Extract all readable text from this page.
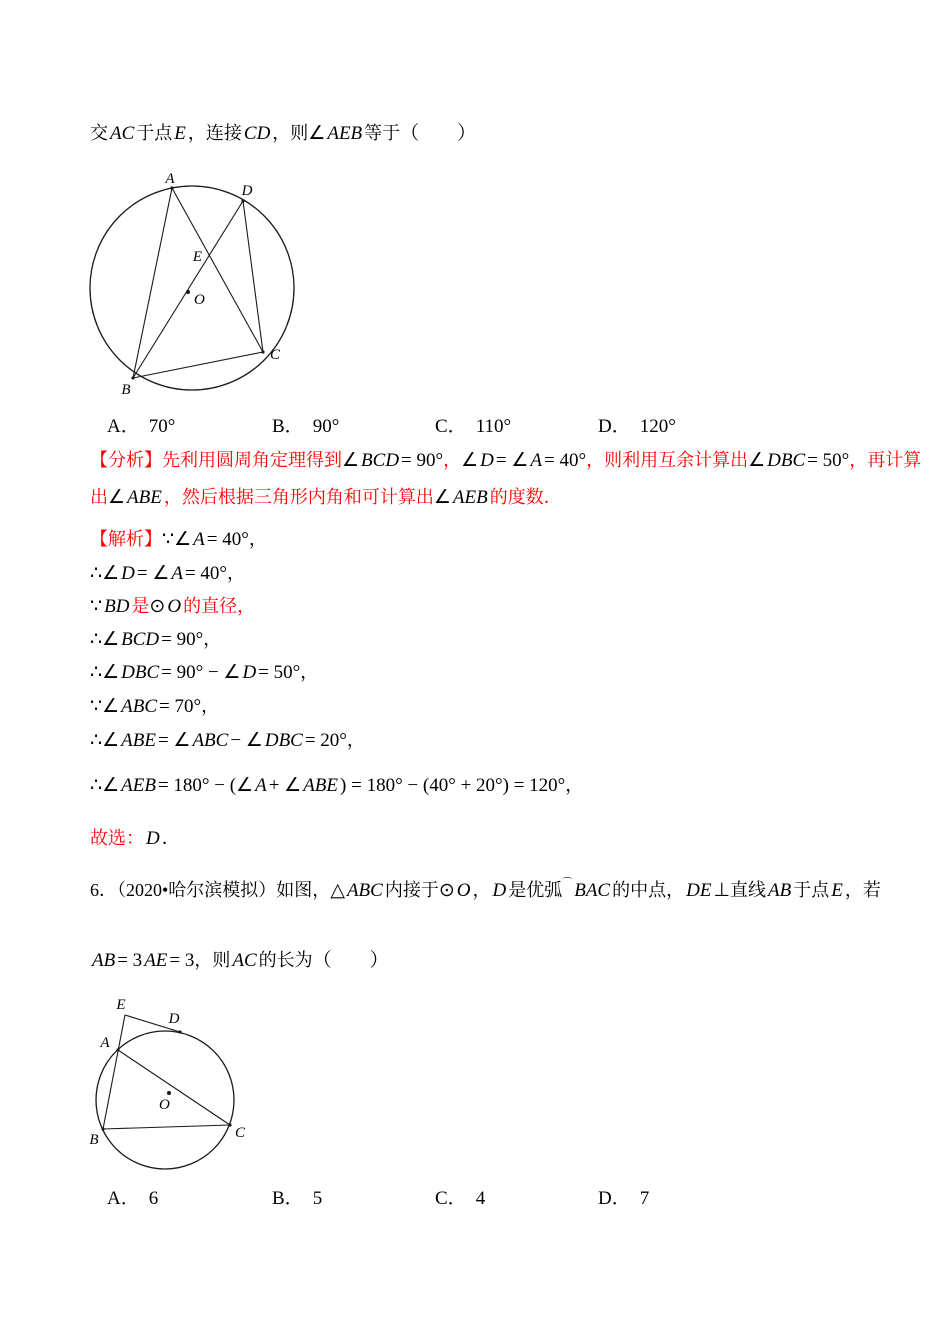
交 AC 于点 E ，连接 CD ，则∠ AEB 等于（　　）
A
D
E
O
B
C
A． 70°	B． 90°	C． 110°	D． 120°
【分析】先利用圆周角定理得到∠ BCD = 90°，∠ D = ∠ A = 40°，则利用互余计算出∠ DBC = 50°，再计算
出∠ ABE ，然后根据三角形内角和可计算出∠ AEB 的度数．
【解析】∵∠ A = 40°，
∴∠ D = ∠ A = 40°，
∵ BD 是⊙ O 的直径，
∴∠ BCD = 90°，
∴∠ DBC = 90° − ∠ D = 50°，
∵∠ ABC = 70°，
∴∠ ABE = ∠ ABC − ∠ DBC = 20°，
∴∠ AEB = 180° − (∠ A + ∠ ABE ) = 180° − (40° + 20°) = 120°，
故选： D ．
6．（2020•哈尔滨模拟）如图，△ ABC 内接于⊙ O ， D 是优弧⌒ BAC 的中点， DE ⊥直线 AB 于点 E ，若
AB = 3 AE = 3，则 AC 的长为（　　）
E
D
A
B	C
O
A． 6	B． 5	C． 4	D． 7
